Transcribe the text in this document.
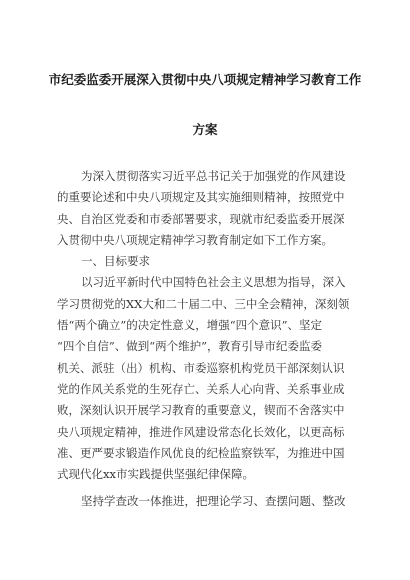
市纪委监委开展深入贯彻中央八项规定精神学习教育工作
方案
为深入贯彻落实习近平总书记关于加强党的作风建设
的重要论述和中央八项规定及其实施细则精神，按照党中
央、自治区党委和市委部署要求，现就市纪委监委开展深
入贯彻中央八项规定精神学习教育制定如下工作方案。
一、目标要求
以习近平新时代中国特色社会主义思想为指导，深入
学习贯彻党的XX大和二十届二中、三中全会精神，深刻领
悟“两个确立”的决定性意义，增强“四个意识”、坚定
“四个自信”、做到“两个维护”，教育引导市纪委监委
机关、派驻（出）机构、市委巡察机构党员干部深刻认识
党的作风关系党的生死存亡、关系人心向背、关系事业成
败，深刻认识开展学习教育的重要意义，锲而不舍落实中
央八项规定精神，推进作风建设常态化长效化，以更高标
准、更严要求锻造作风优良的纪检监察铁军，为推进中国
式现代化xx市实践提供坚强纪律保障。
坚持学查改一体推进，把理论学习、查摆问题、整改
